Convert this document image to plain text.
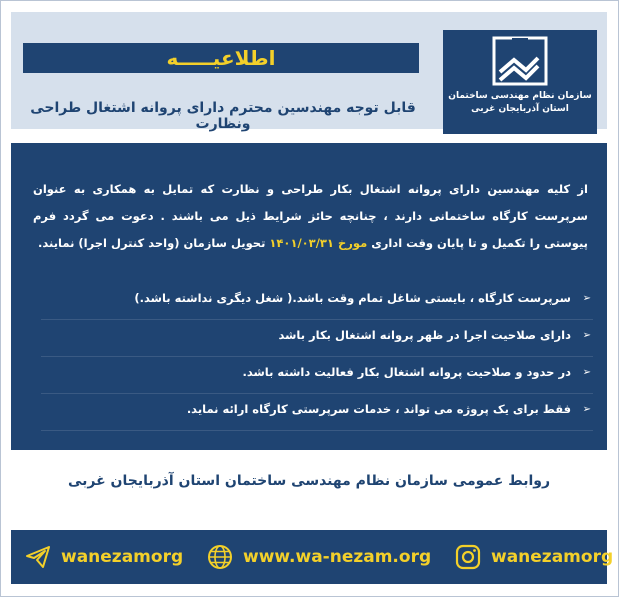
اطلاعیـــــه
قابل توجه مهندسین محترم دارای پروانه اشتغال طراحی ونظارت
سازمان نظام مهندسی ساختمان
استان آذربایجان غربی
از کلیه مهندسین دارای پروانه اشتغال بکار طراحی و نظارت که تمایل به همکاری به عنوان سرپرست کارگاه ساختمانی دارند ، چنانچه حائز شرایط ذیل می باشند . دعوت می گردد فرم پیوستی را تکمیل و تا پایان وقت اداری مورخ ۱۴۰۱/۰۳/۳۱ تحویل سازمان (واحد کنترل اجرا) نمایند.
➢ سرپرست کارگاه ، بایستی شاغل تمام وقت باشد.( شغل دیگری نداشته باشد.)
➢ دارای صلاحیت اجرا در ظهر پروانه اشتغال بکار باشد
➢ در حدود و صلاحیت پروانه اشتغال بکار فعالیت داشته باشد.
➢ فقط برای یک پروژه می تواند ، خدمات سرپرستی کارگاه ارائه نماید.
روابط عمومی سازمان نظام مهندسی ساختمان استان آذربایجان غربی
wanezamorg	www.wa-nezam.org	wanezamorg
